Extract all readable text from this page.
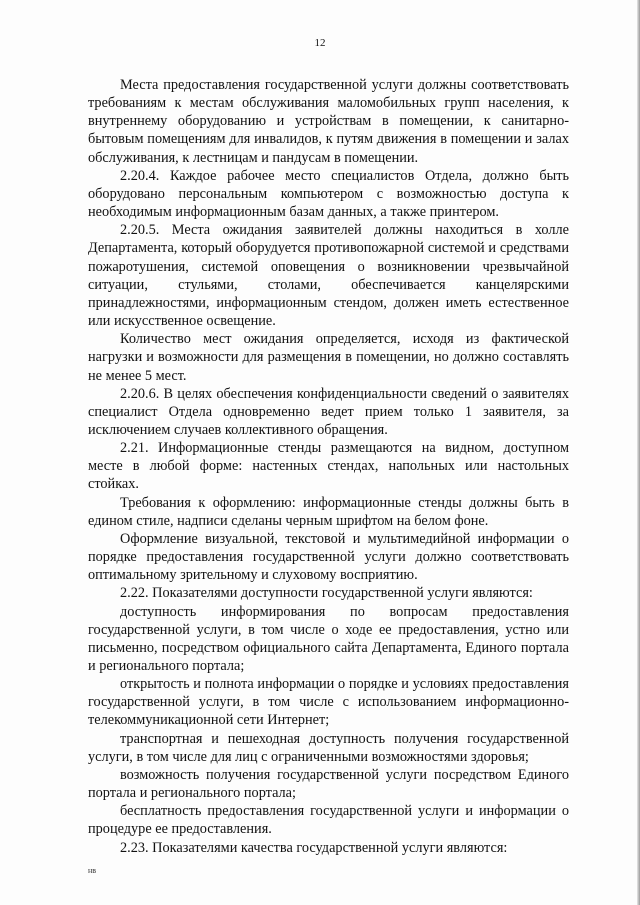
12

Места предоставления государственной услуги должны соответствовать требованиям к местам обслуживания маломобильных групп населения, к внутреннему оборудованию и устройствам в помещении, к санитарно-бытовым помещениям для инвалидов, к путям движения в помещении и залах обслуживания, к лестницам и пандусам в помещении.

2.20.4. Каждое рабочее место специалистов Отдела, должно быть оборудовано персональным компьютером с возможностью доступа к необходимым информационным базам данных, а также принтером.

2.20.5. Места ожидания заявителей должны находиться в холле Департамента, который оборудуется противопожарной системой и средствами пожаротушения, системой оповещения о возникновении чрезвычайной ситуации, стульями, столами, обеспечивается канцелярскими принадлежностями, информационным стендом, должен иметь естественное или искусственное освещение.

Количество мест ожидания определяется, исходя из фактической нагрузки и возможности для размещения в помещении, но должно составлять не менее 5 мест.

2.20.6. В целях обеспечения конфиденциальности сведений о заявителях специалист Отдела одновременно ведет прием только 1 заявителя, за исключением случаев коллективного обращения.

2.21. Информационные стенды размещаются на видном, доступном месте в любой форме: настенных стендах, напольных или настольных стойках.

Требования к оформлению: информационные стенды должны быть в едином стиле, надписи сделаны черным шрифтом на белом фоне.

Оформление визуальной, текстовой и мультимедийной информации о порядке предоставления государственной услуги должно соответствовать оптимальному зрительному и слуховому восприятию.

2.22. Показателями доступности государственной услуги являются:

доступность информирования по вопросам предоставления государственной услуги, в том числе о ходе ее предоставления, устно или письменно, посредством официального сайта Департамента, Единого портала и регионального портала;

открытость и полнота информации о порядке и условиях предоставления государственной услуги, в том числе с использованием информационно-телекоммуникационной сети Интернет;

транспортная и пешеходная доступность получения государственной услуги, в том числе для лиц с ограниченными возможностями здоровья;

возможность получения государственной услуги посредством Единого портала и регионального портала;

бесплатность предоставления государственной услуги и информации о процедуре ее предоставления.

2.23. Показателями качества государственной услуги являются:

нв
